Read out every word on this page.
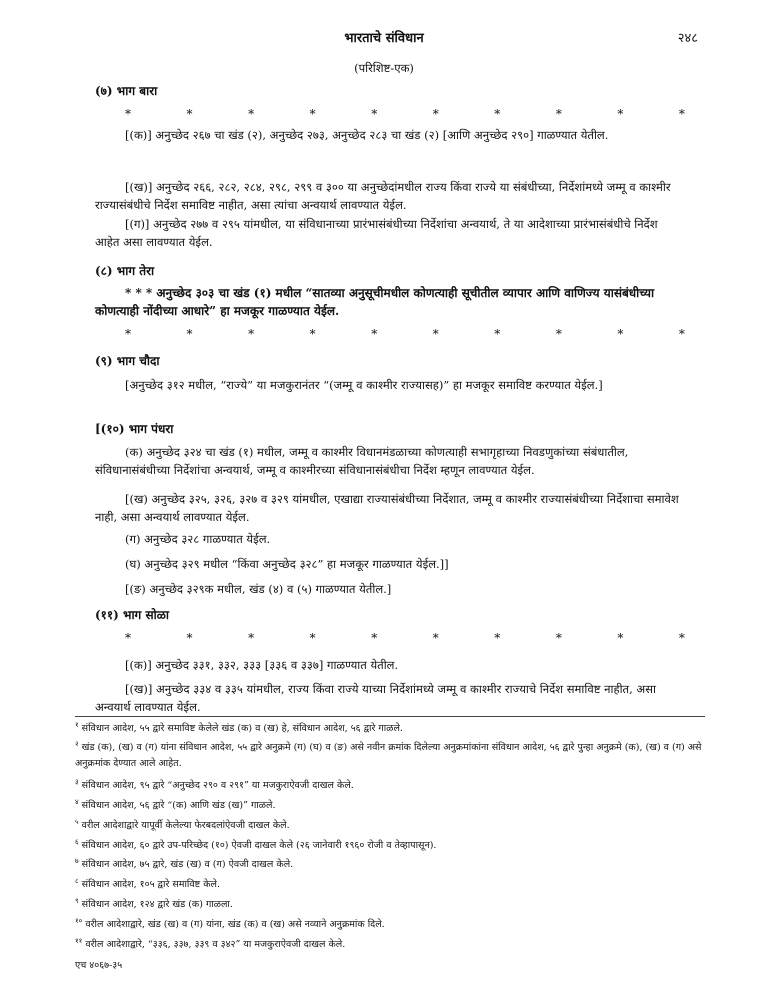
भारताचे संविधान	२४८
(परिशिष्ट-एक)
(७) भाग बारा
*	*	*	*	*	*	*	*	*	*
[(क)] अनुच्छेद २६७ चा खंड (२), अनुच्छेद २७३, अनुच्छेद २८३ चा खंड (२) [आणि अनुच्छेद २९०] गाळण्यात येतील.
[(ख)] अनुच्छेद २६६, २८२, २८४, २९८, २९९ व ३०० या अनुच्छेदांमधील राज्य किंवा राज्ये या संबंधीच्या, निर्देशांमध्ये जम्मू व काश्मीर राज्यासंबंधीचे निर्देश समाविष्ट नाहीत, असा त्यांचा अन्वयार्थ लावण्यात येईल.
[(ग)] अनुच्छेद २७७ व २९५ यांमधील, या संविधानाच्या प्रारंभासंबंधीच्या निर्देशांचा अन्वयार्थ, ते या आदेशाच्या प्रारंभासंबंधीचे निर्देश आहेत असा लावण्यात येईल.
(८) भाग तेरा
* * * अनुच्छेद ३०३ चा खंड (१) मधील “सातव्या अनुसूचीमधील कोणत्याही सूचीतील व्यापार आणि वाणिज्य यासंबंधीच्या कोणत्याही नोंदीच्या आधारे” हा मजकूर गाळण्यात येईल.
*	*	*	*	*	*	*	*	*	*
(९) भाग चौदा
[अनुच्छेद ३१२ मधील, “राज्ये” या मजकुरानंतर “(जम्मू व काश्मीर राज्यासह)” हा मजकूर समाविष्ट करण्यात येईल.]
[(१०) भाग पंधरा
(क) अनुच्छेद ३२४ चा खंड (१) मधील, जम्मू व काश्मीर विधानमंडळाच्या कोणत्याही सभागृहाच्या निवडणुकांच्या संबंधातील, संविधानासंबंधीच्या निर्देशांचा अन्वयार्थ, जम्मू व काश्मीरच्या संविधानासंबंधीचा निर्देश म्हणून लावण्यात येईल.
[(ख) अनुच्छेद ३२५, ३२६, ३२७ व ३२९ यांमधील, एखाद्या राज्यासंबंधीच्या निर्देशात, जम्मू व काश्मीर राज्यासंबंधीच्या निर्देशाचा समावेश नाही, असा अन्वयार्थ लावण्यात येईल.
(ग) अनुच्छेद ३२८ गाळण्यात येईल.
(घ) अनुच्छेद ३२९ मधील “किंवा अनुच्छेद ३२८” हा मजकूर गाळण्यात येईल.]]
[(ङ) अनुच्छेद ३२९क मधील, खंड (४) व (५) गाळण्यात येतील.]
(११) भाग सोळा
*	*	*	*	*	*	*	*	*	*
[(क)] अनुच्छेद ३३१, ३३२, ३३३ [३३६ व ३३७] गाळण्यात येतील.
[(ख)] अनुच्छेद ३३४ व ३३५ यांमधील, राज्य किंवा राज्ये याच्या निर्देशांमध्ये जम्मू व काश्मीर राज्याचे निर्देश समाविष्ट नाहीत, असा अन्वयार्थ लावण्यात येईल.
$^१$ संविधान आदेश, ५५ द्वारे समाविष्ट केलेले खंड (क) व (ख) हे, संविधान आदेश, ५६ द्वारे गाळले.
$^२$ खंड (क), (ख) व (ग) यांना संविधान आदेश, ५५ द्वारे अनुक्रमे (ग) (घ) व (ङ) असे नवीन क्रमांक दिलेल्या अनुक्रमांकांना संविधान आदेश, ५६ द्वारे पुन्हा अनुक्रमे (क), (ख) व (ग) असे अनुक्रमांक देण्यात आले आहेत.
$^३$ संविधान आदेश, ९५ द्वारे “अनुच्छेद २९० व २९१” या मजकुराऐवजी दाखल केले.
$^४$ संविधान आदेश, ५६ द्वारे “(क) आणि खंड (ख)” गाळले.
$^५$ वरील आदेशाद्वारे यापूर्वी केलेल्या फेरबदलांऐवजी दाखल केले.
$^६$ संविधान आदेश, ६० द्वारे उप-परिच्छेद (१०) ऐवजी दाखल केले (२६ जानेवारी १९६० रोजी व तेव्हापासून).
$^७$ संविधान आदेश, ७५ द्वारे, खंड (ख) व (ग) ऐवजी दाखल केले.
$^८$ संविधान आदेश, १०५ द्वारे समाविष्ट केले.
$^९$ संविधान आदेश, १२४ द्वारे खंड (क) गाळला.
$^{१०}$ वरील आदेशाद्वारे, खंड (ख) व (ग) यांना, खंड (क) व (ख) असे नव्याने अनुक्रमांक दिले.
$^{११}$ वरील आदेशाद्वारे, “३३६, ३३७, ३३९ व ३४२” या मजकुराऐवजी दाखल केले.
एच ४०६७-३५
